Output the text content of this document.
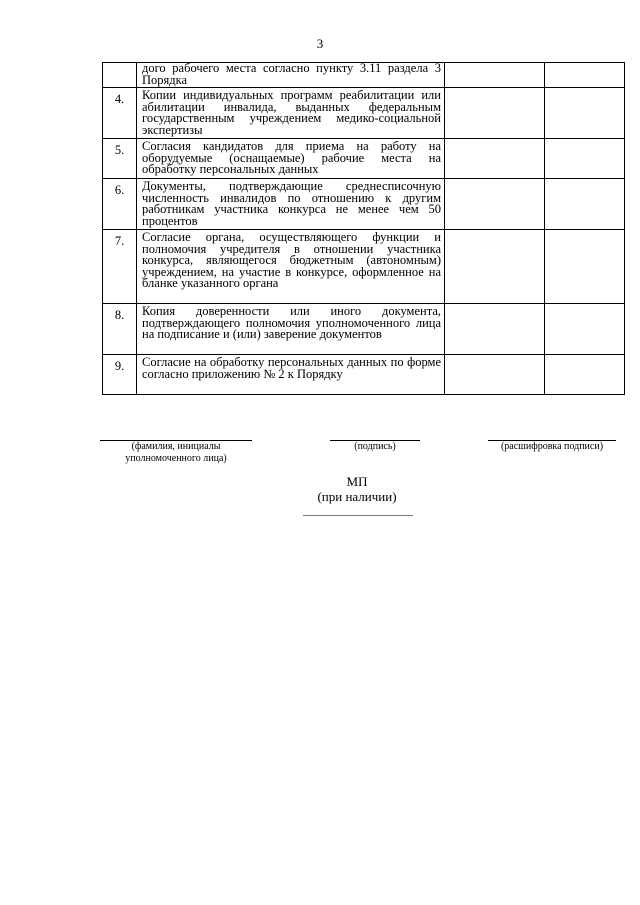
3
	дого рабочего места согласно пункту 3.11 раздела 3 Порядка		
4.	Копии индивидуальных программ реабилитации или абилитации инвалида, выданных федеральным государственным учреждением медико-социальной экспертизы		
5.	Согласия кандидатов для приема на работу на оборудуемые (оснащаемые) рабочие места на обработку персональных данных		
6.	Документы, подтверждающие среднесписочную численность инвалидов по отношению к другим работникам участника конкурса не менее чем 50 процентов		
7.	Согласие органа, осуществляющего функции и полномочия учредителя в отношении участника конкурса, являющегося бюджетным (автономным) учреждением, на участие в конкурсе, оформленное на бланке указанного органа		
8.	Копия доверенности или иного документа, подтверждающего полномочия уполномоченного лица на подписание и (или) заверение документов		
9.	Согласие на обработку персональных данных по форме согласно приложению № 2 к Порядку		
(фамилия, инициалы уполномоченного лица)
(подпись)	(расшифровка подписи)
МП
(при наличии)
